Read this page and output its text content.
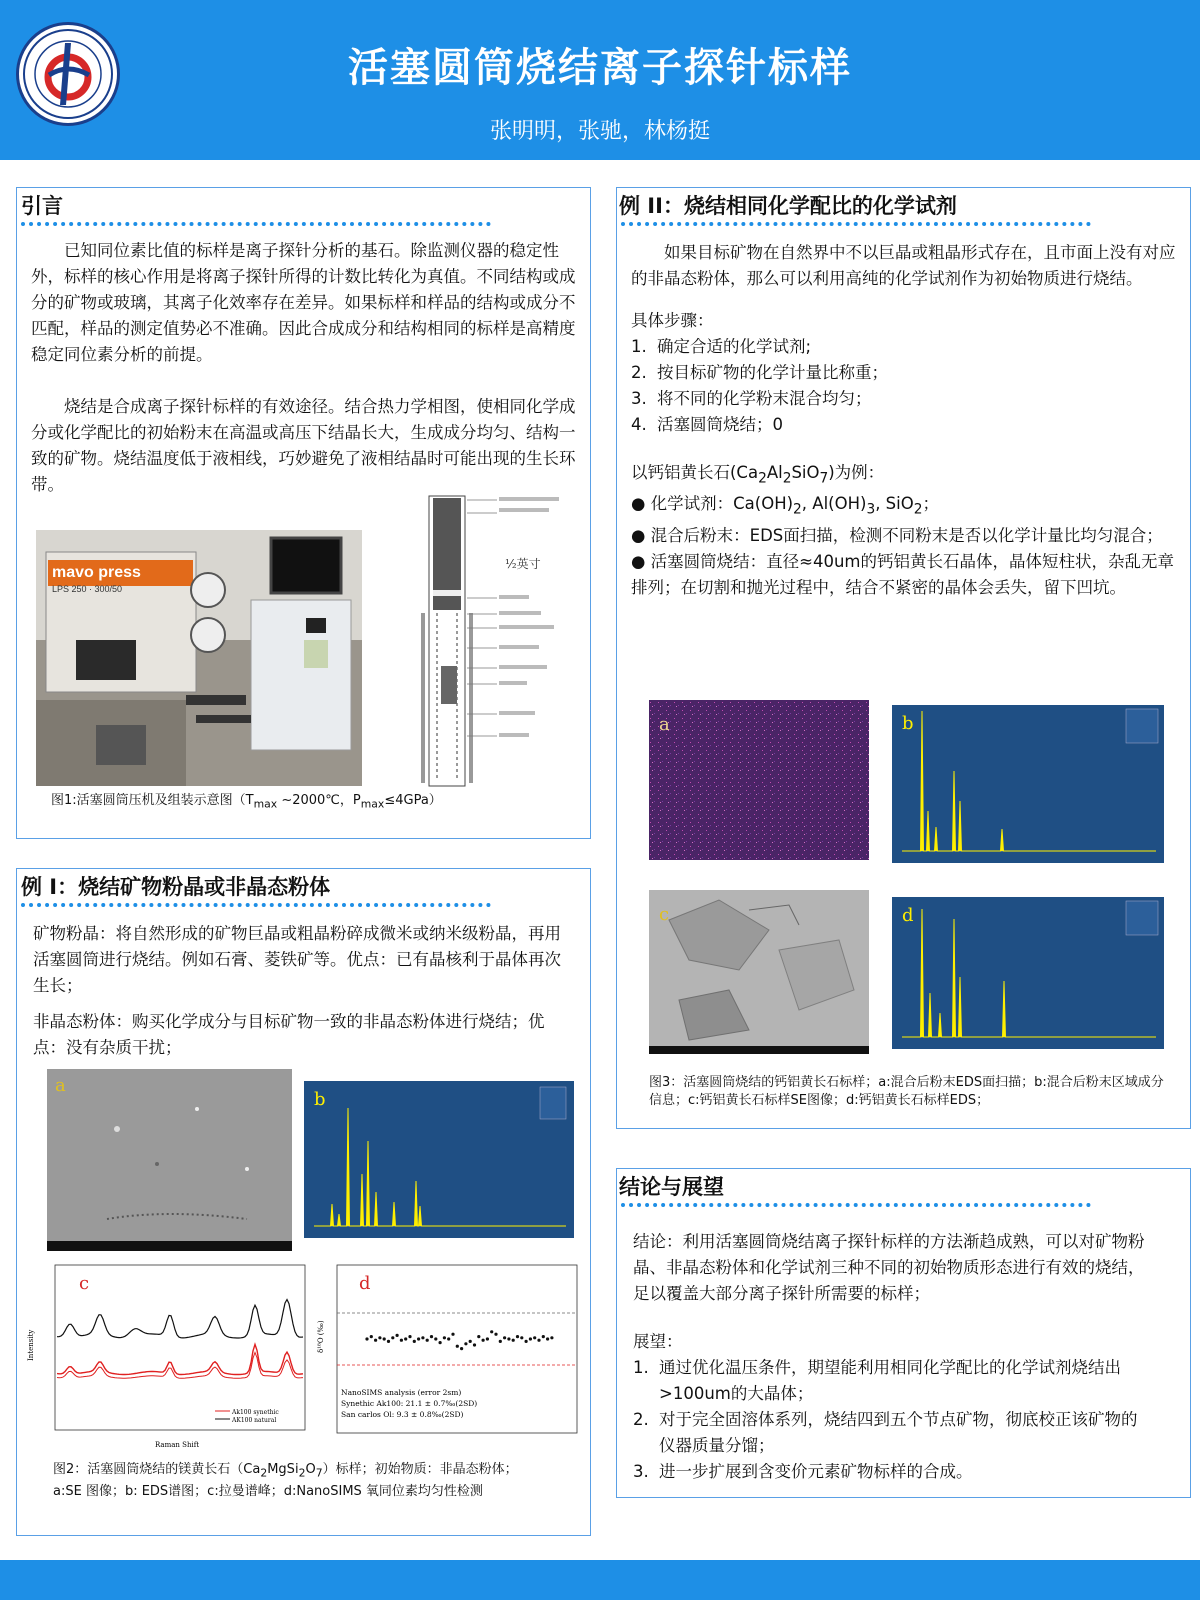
活塞圆筒烧结离子探针标样
张明明，张驰，林杨挺
引言

已知同位素比值的标样是离子探针分析的基石。除监测仪器的稳定性外，标样的核心作用是将离子探针所得的计数比转化为真值。不同结构或成分的矿物或玻璃，其离子化效率存在差异。如果标样和样品的结构或成分不匹配，样品的测定值势必不准确。因此合成成分和结构相同的标样是高精度稳定同位素分析的前提。

烧结是合成离子探针标样的有效途径。结合热力学相图，使相同化学成分或化学配比的初始粉末在高温或高压下结晶长大，生成成分均匀、结构一致的矿物。烧结温度低于液相线，巧妙避免了液相结晶时可能出现的生长环带。

mavo press
LPS 250 · 300/50
½英寸
图1:活塞圆筒压机及组装示意图（$T_{max}$ ~2000℃，$P_{max}\le 4GPa$）
例 I：烧结矿物粉晶或非晶态粉体

矿物粉晶：将自然形成的矿物巨晶或粗晶粉碎成微米或纳米级粉晶，再用活塞圆筒进行烧结。例如石膏、菱铁矿等。优点：已有晶核利于晶体再次生长；

非晶态粉体：购买化学成分与目标矿物一致的非晶态粉体进行烧结；优点：没有杂质干扰；

a
b
Ak100 synethic
AK100 natural
Raman Shift
Intensity
c
δ¹⁸O (‰)
NanoSIMS analysis (error 2sm)
Synethic Ak100: 21.1 ± 0.7‰(2SD)
San carlos Ol: 9.3 ± 0.8‰(2SD)
d
图2：活塞圆筒烧结的镁黄长石$(Ca_2MgSi_2O_7)$标样；初始物质：非晶态粉体；
a:SE 图像；b: EDS谱图；c:拉曼谱峰；d:NanoSIMS 氧同位素均匀性检测
例 II：烧结相同化学配比的化学试剂

如果目标矿物在自然界中不以巨晶或粗晶形式存在，且市面上没有对应的非晶态粉体，那么可以利用高纯的化学试剂作为初始物质进行烧结。

具体步骤：

1. 确定合适的化学试剂;
2. 按目标矿物的化学计量比称重；
3. 将不同的化学粉末混合均匀；
4. 活塞圆筒烧结；0

以钙铝黄长石$(Ca_2Al_2SiO_7)$为例：

● 化学试剂：$Ca(OH)_2$, $Al(OH)_3$, SiO$_2$；

● 混合后粉末：EDS面扫描，检测不同粉末是否以化学计量比均匀混合；

● 活塞圆筒烧结：直径≈40um的钙铝黄长石晶体，晶体短柱状，杂乱无章排列；在切割和抛光过程中，结合不紧密的晶体会丢失，留下凹坑。

a	b
c	d
图3：活塞圆筒烧结的钙铝黄长石标样；a:混合后粉末EDS面扫描；b:混合后粉末区域成分信息；c:钙铝黄长石标样SE图像；d:钙铝黄长石标样EDS；
结论与展望

结论：利用活塞圆筒烧结离子探针标样的方法渐趋成熟，可以对矿物粉晶、非晶态粉体和化学试剂三种不同的初始物质形态进行有效的烧结，足以覆盖大部分离子探针所需要的标样；

展望：

1. 通过优化温压条件，期望能利用相同化学配比的化学试剂烧结出>100um的大晶体；
2. 对于完全固溶体系列，烧结四到五个节点矿物，彻底校正该矿物的仪器质量分馏；
3. 进一步扩展到含变价元素矿物标样的合成。
